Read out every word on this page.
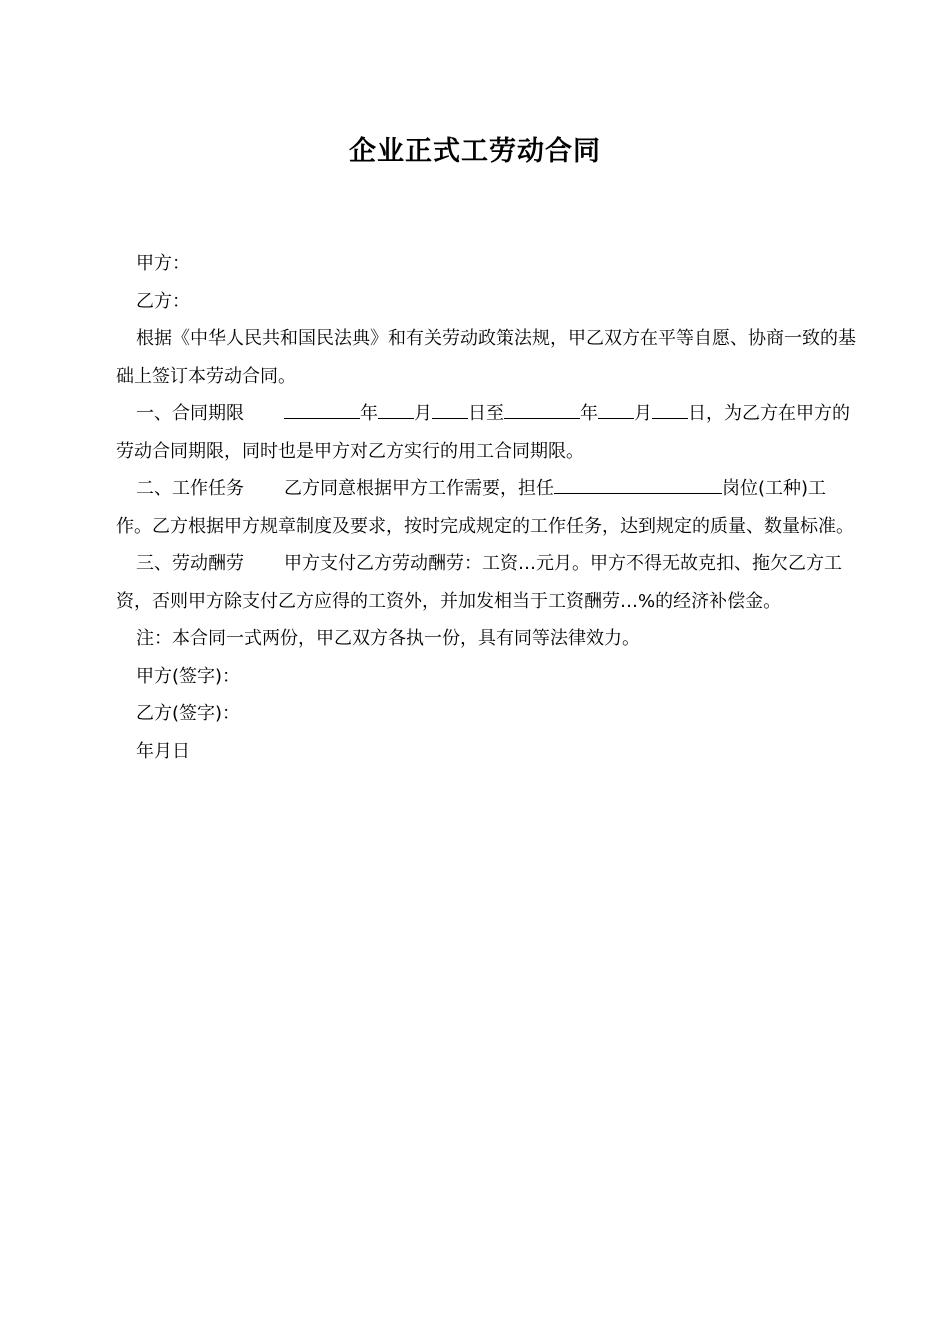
企业正式工劳动合同

甲方：

乙方：

根据《中华人民共和国民法典》和有关劳动政策法规，甲乙双方在平等自愿、协商一致的基础上签订本劳动合同。

一、合同期限	年 月 日至	年 月 日，为乙方在甲方的劳动合同期限，同时也是甲方对乙方实行的用工合同期限。

二、工作任务 乙方同意根据甲方工作需要，担任	岗位(工种)工作。乙方根据甲方规章制度及要求，按时完成规定的工作任务，达到规定的质量、数量标准。

三、劳动酬劳 甲方支付乙方劳动酬劳：工资…元月。甲方不得无故克扣、拖欠乙方工资，否则甲方除支付乙方应得的工资外，并加发相当于工资酬劳…%的经济补偿金。

注：本合同一式两份，甲乙双方各执一份，具有同等法律效力。

甲方(签字)：

乙方(签字)：

年月日
